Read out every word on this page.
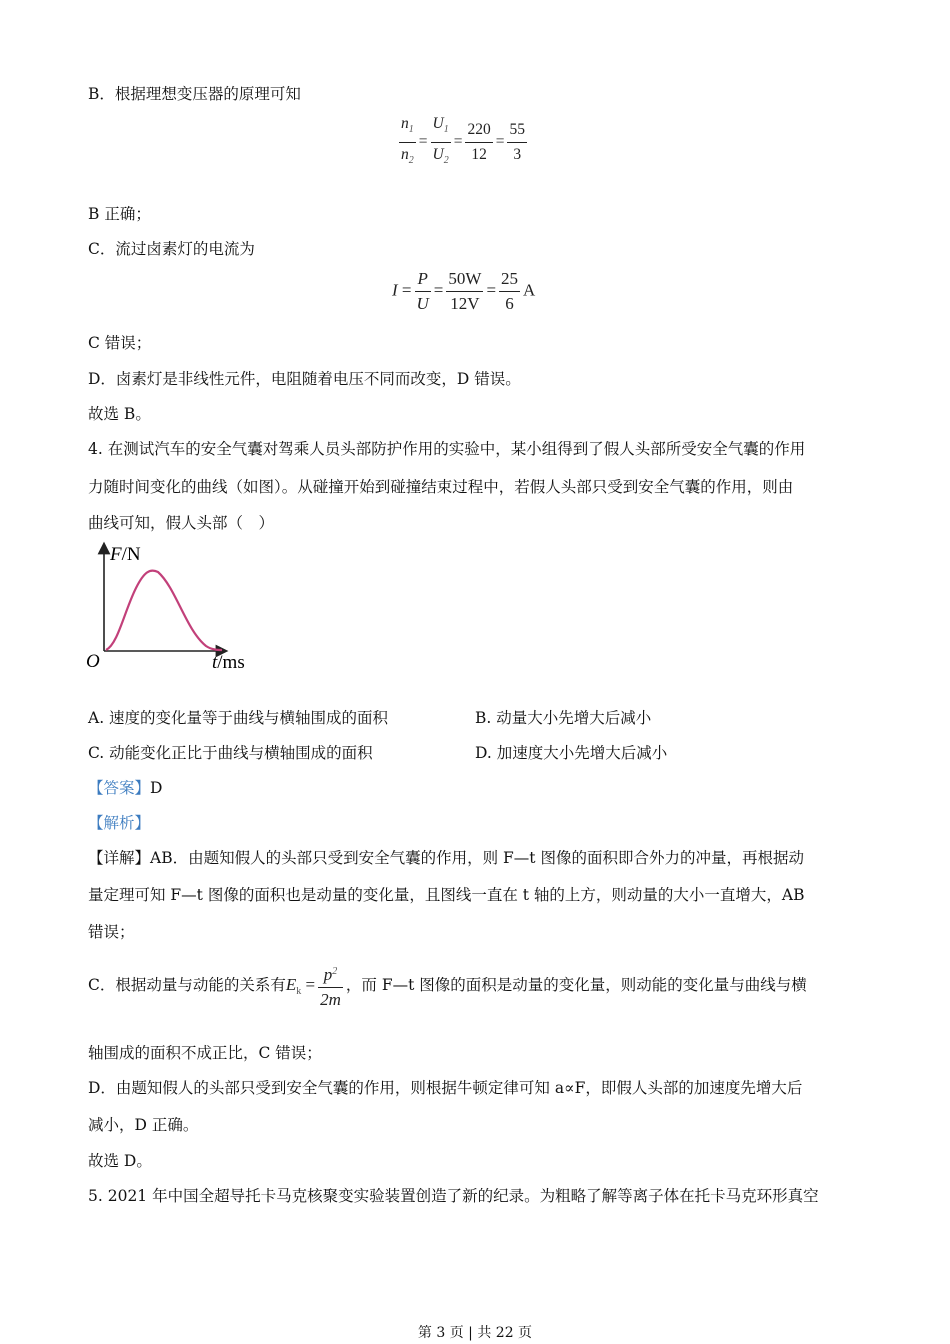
B．根据理想变压器的原理可知
$\frac{n_1}{n_2} = \frac{U_1}{U_2} = \frac{220}{12} = \frac{55}{3}$
B 正确；
C．流过卤素灯的电流为
$I = \frac{P}{U} = \frac{50W}{12V} = \frac{25}{6}$ A
C 错误；
D．卤素灯是非线性元件，电阻随着电压不同而改变，D 错误。
故选 B。
4. 在测试汽车的安全气囊对驾乘人员头部防护作用的实验中，某小组得到了假人头部所受安全气囊的作用
力随时间变化的曲线（如图）。从碰撞开始到碰撞结束过程中，若假人头部只受到安全气囊的作用，则由
曲线可知，假人头部（　）
F/N
O	t/ms
A. 速度的变化量等于曲线与横轴围成的面积	B. 动量大小先增大后减小
C. 动能变化正比于曲线与横轴围成的面积	D. 加速度大小先增大后减小
【答案】D
【解析】
【详解】AB．由题知假人的头部只受到安全气囊的作用，则 F—t 图像的面积即合外力的冲量，再根据动
量定理可知 F—t 图像的面积也是动量的变化量，且图线一直在 t 轴的上方，则动量的大小一直增大，AB
错误；
C．根据动量与动能的关系有$E_k = \frac{p^2}{2m}$ ，而 F—t 图像的面积是动量的变化量，则动能的变化量与曲线与横
轴围成的面积不成正比，C 错误；
D．由题知假人的头部只受到安全气囊的作用，则根据牛顿定律可知 a∝F，即假人头部的加速度先增大后
减小，D 正确。
故选 D。
5. 2021 年中国全超导托卡马克核聚变实验装置创造了新的纪录。为粗略了解等离子体在托卡马克环形真空
第 3 页 | 共 22 页
